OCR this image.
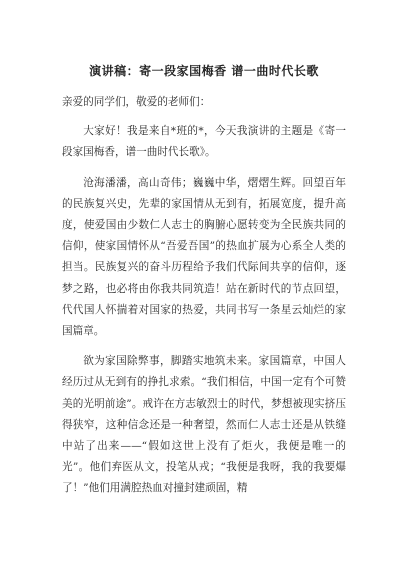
演讲稿：寄一段家国梅香 谱一曲时代长歌

亲爱的同学们，敬爱的老师们：

大家好！我是来自*班的*，今天我演讲的主题是《寄一段家国梅香，谱一曲时代长歌》。

沧海潘潘，高山奇伟；巍巍中华，熠熠生辉。回望百年的民族复兴史，先辈的家国情从无到有，拓展宽度，提升高度，使爱国由少数仁人志士的胸腑心愿转变为全民族共同的信仰，使家国情怀从“吾爱吾国”的热血扩展为心系全人类的担当。民族复兴的奋斗历程给予我们代际间共享的信仰，逐梦之路，也必将由你我共同筑造！站在新时代的节点回望，代代国人怀揣着对国家的热爱，共同书写一条星云灿烂的家国篇章。

欲为家国除弊事，脚踏实地筑未来。家国篇章，中国人经历过从无到有的挣扎求索。“我们相信，中国一定有个可赞美的光明前途”。戒许在方志敏烈士的时代，梦想被现实挤压得狭窄，这种信念还是一种奢望，然而仁人志士还是从铁缝中站了出来——“假如这世上没有了炬火，我便是唯一的光”。他们弃医从文，投笔从戎；“我便是我呀，我的我要爆了！”他们用满腔热血对撞封建顽固，精
